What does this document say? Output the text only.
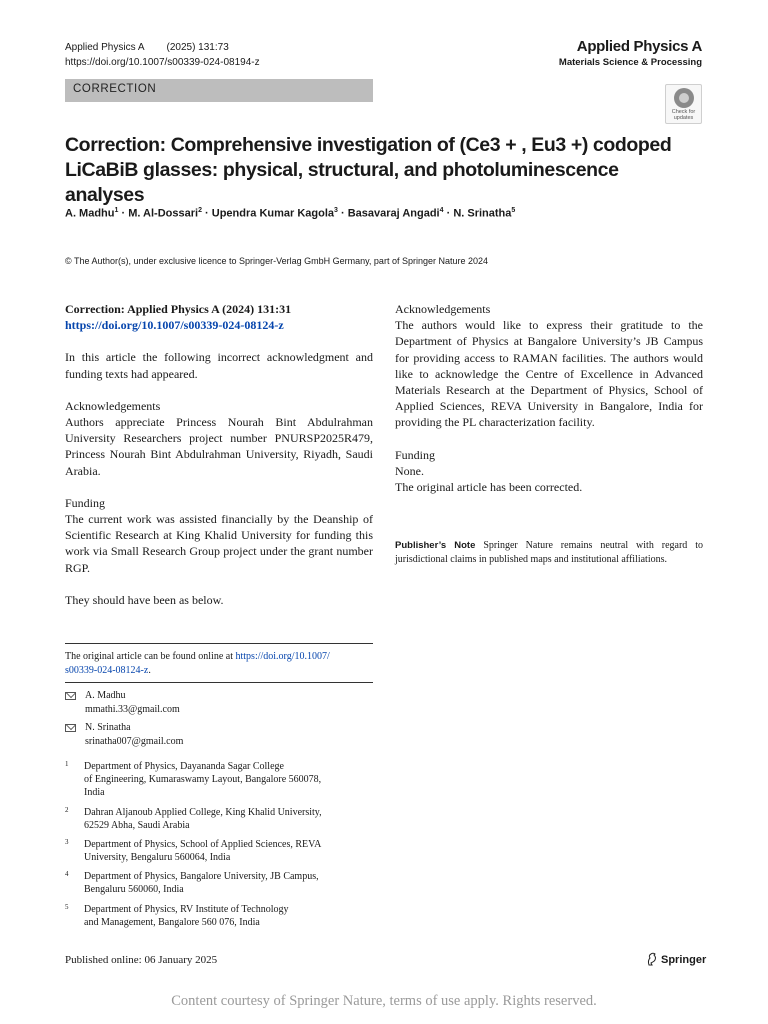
Applied Physics A (2025) 131:73
https://doi.org/10.1007/s00339-024-08194-z
Applied Physics A
Materials Science & Processing
CORRECTION
Check for
updates
Correction: Comprehensive investigation of (Ce3 + , Eu3 +) codoped LiCaBiB glasses: physical, structural, and photoluminescence analyses
A. Madhu$^1$ · M. Al-Dossari$^2$ · Upendra Kumar Kagola$^3$ · Basavaraj Angadi$^4$ · N. Srinatha$^5$
© The Author(s), under exclusive licence to Springer-Verlag GmbH Germany, part of Springer Nature 2024
Correction: Applied Physics A (2024) 131:31
https://doi.org/10.1007/s00339-024-08124-z
In this article the following incorrect acknowledgment and funding texts had appeared.
Acknowledgements
Authors appreciate Princess Nourah Bint Abdulrahman University Researchers project number PNURSP2025R479, Princess Nourah Bint Abdulrahman University, Riyadh, Saudi Arabia.
Funding
The current work was assisted financially by the Deanship of Scientific Research at King Khalid University for funding this work via Small Research Group project under the grant number RGP.
They should have been as below.
Acknowledgements
The authors would like to express their gratitude to the Department of Physics at Bangalore University’s JB Campus for providing access to RAMAN facilities. The authors would like to acknowledge the Centre of Excellence in Advanced Materials Research at the Department of Physics, School of Applied Sciences, REVA University in Bangalore, India for providing the PL characterization facility.
Funding
None.
The original article has been corrected.
Publisher’s Note Springer Nature remains neutral with regard to jurisdictional claims in published maps and institutional affiliations.
The original article can be found online at https://doi.org/10.1007/
s00339-024-08124-z.
A. Madhu
mmathi.33@gmail.com
N. Srinatha
srinatha007@gmail.com
1 Department of Physics, Dayananda Sagar College
of Engineering, Kumaraswamy Layout, Bangalore 560078,
India
2 Dahran Aljanoub Applied College, King Khalid University,
62529 Abha, Saudi Arabia
3 Department of Physics, School of Applied Sciences, REVA
University, Bengaluru 560064, India
4 Department of Physics, Bangalore University, JB Campus,
Bengaluru 560060, India
5 Department of Physics, RV Institute of Technology
and Management, Bangalore 560 076, India
Published online: 06 January 2025	Springer
Content courtesy of Springer Nature, terms of use apply. Rights reserved.
